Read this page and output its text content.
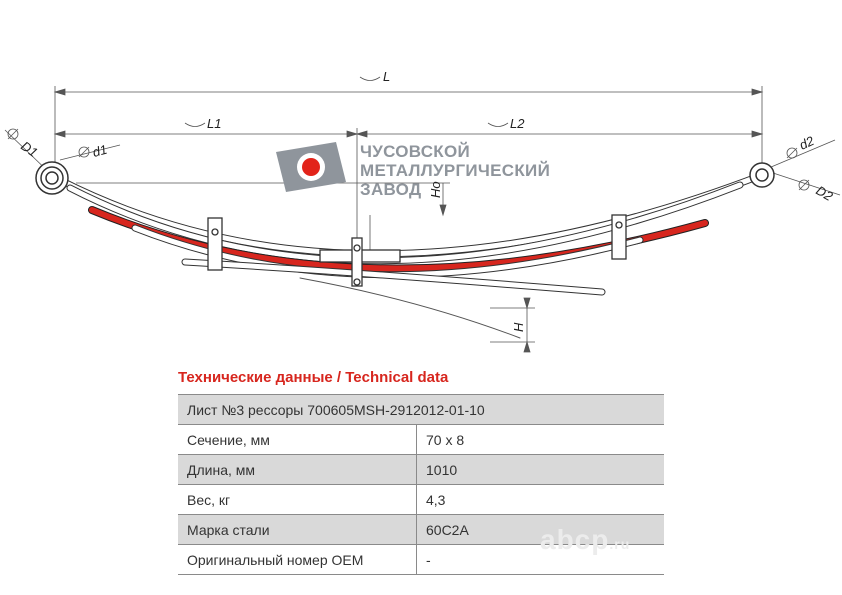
L
L1	L2
D1	d1	d2
D2
Ho
H
ЧУСОВСКОЙ
МЕТАЛЛУРГИЧЕСКИЙ
ЗАВОД

Технические данные / Technical data

Лист №3 рессоры 700605MSH-2912012-01-10	
Сечение, мм	70 x 8
Длина, мм	1010
Вес, кг	4,3
Марка стали	60С2А
Оригинальный номер OEM	-
abcp.ru
